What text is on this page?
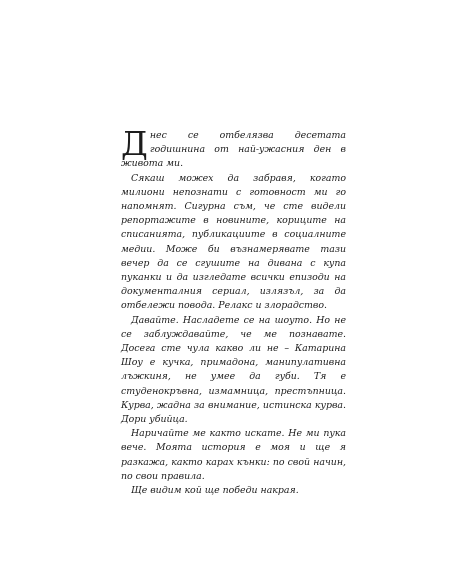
Днес се отбелязва десетата годишнина от най-ужасния ден в живота ми.

Сякаш можех да забравя, когато милиони непознати с готовност ми го напомнят. Сигурна съм, че сте видели репортажите в новините, кориците на списанията, публикациите в социалните медии. Може би възнамерявате тази вечер да се сгушите на дивана с купа пуканки и да изгледате всички епизоди на документалния сериал, излязъл, за да отбележи повода. Релакс и злорадство.

Давайте. Насладете се на шоуто. Но не се заблуждавайте, че ме познавате. Досега сте чула какво ли не – Катарина Шоу е кучка, примадона, манипулативна лъжкиня, не умее да губи. Тя е студенокръвна, измамница, престъпница. Курва, жадна за внимание, истинска курва. Дори убийца.

Наричайте ме както искате. Не ми пука вече. Моята история е моя и ще я разкажа, както карах кънки: по свой начин, по свои правила.

Ще видим кой ще победи накрая.
